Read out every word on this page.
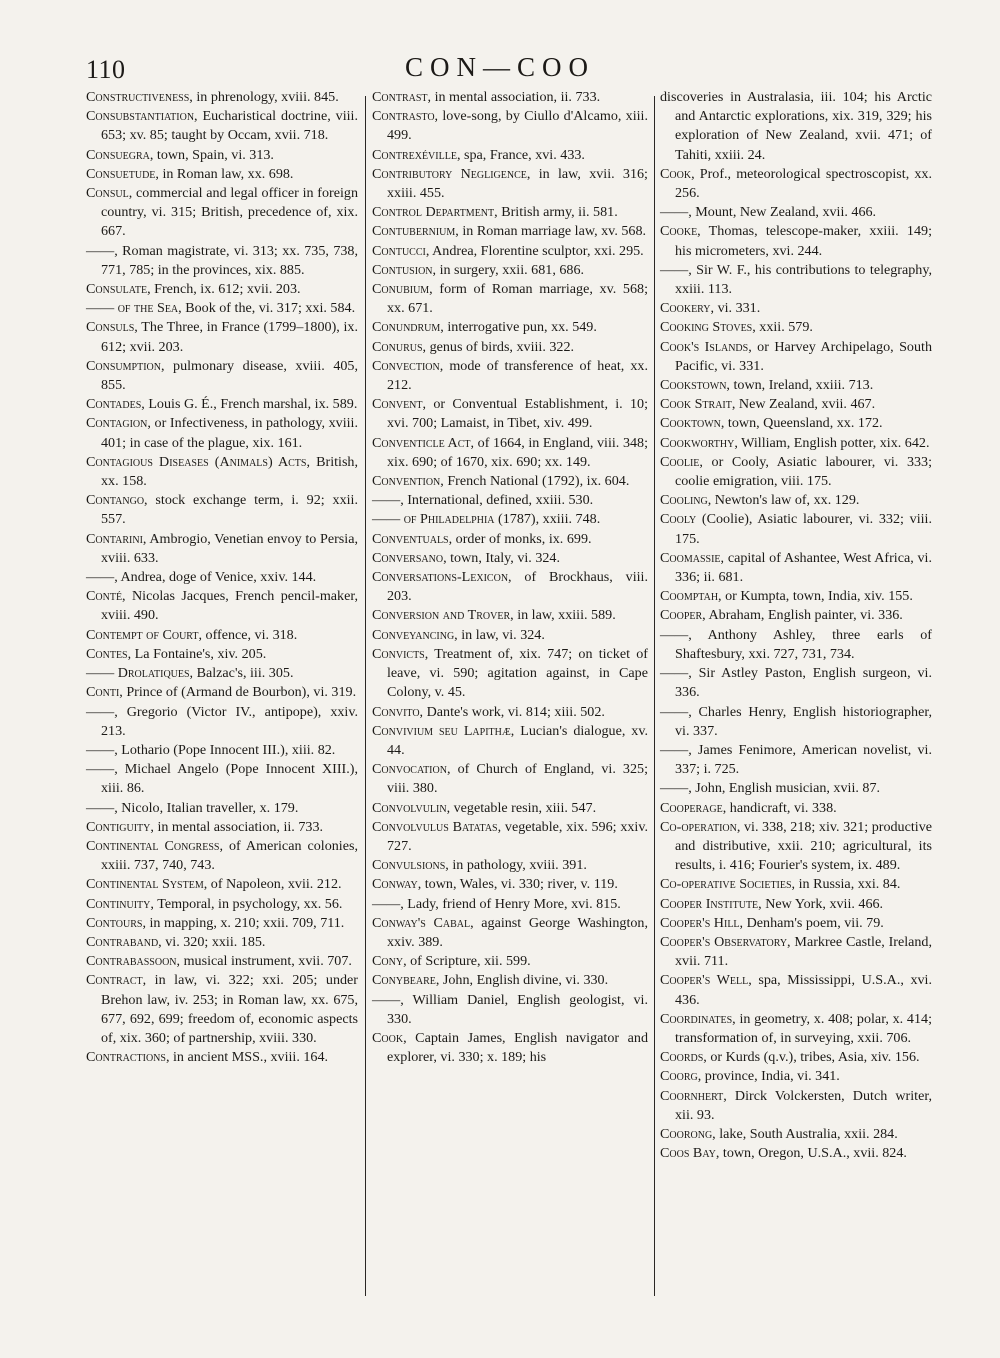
110	CON—COO
Constructiveness, in phrenology, xviii. 845.
Consubstantiation, Eucharistical doctrine, viii. 653; xv. 85; taught by Occam, xvii. 718.
Consuegra, town, Spain, vi. 313.
Consuetude, in Roman law, xx. 698.
Consul, commercial and legal officer in foreign country, vi. 315; British, precedence of, xix. 667.
——, Roman magistrate, vi. 313; xx. 735, 738, 771, 785; in the provinces, xix. 885.
Consulate, French, ix. 612; xvii. 203.
—— of the Sea, Book of the, vi. 317; xxi. 584.
Consuls, The Three, in France (1799–1800), ix. 612; xvii. 203.
Consumption, pulmonary disease, xviii. 405, 855.
Contades, Louis G. É., French marshal, ix. 589.
Contagion, or Infectiveness, in pathology, xviii. 401; in case of the plague, xix. 161.
Contagious Diseases (Animals) Acts, British, xx. 158.
Contango, stock exchange term, i. 92; xxii. 557.
Contarini, Ambrogio, Venetian envoy to Persia, xviii. 633.
——, Andrea, doge of Venice, xxiv. 144.
Conté, Nicolas Jacques, French pencil-maker, xviii. 490.
Contempt of Court, offence, vi. 318.
Contes, La Fontaine's, xiv. 205.
—— Drolatiques, Balzac's, iii. 305.
Conti, Prince of (Armand de Bourbon), vi. 319.
——, Gregorio (Victor IV., antipope), xxiv. 213.
——, Lothario (Pope Innocent III.), xiii. 82.
——, Michael Angelo (Pope Innocent XIII.), xiii. 86.
——, Nicolo, Italian traveller, x. 179.
Contiguity, in mental association, ii. 733.
Continental Congress, of American colonies, xxiii. 737, 740, 743.
Continental System, of Napoleon, xvii. 212.
Continuity, Temporal, in psychology, xx. 56.
Contours, in mapping, x. 210; xxii. 709, 711.
Contraband, vi. 320; xxii. 185.
Contrabassoon, musical instrument, xvii. 707.
Contract, in law, vi. 322; xxi. 205; under Brehon law, iv. 253; in Roman law, xx. 675, 677, 692, 699; freedom of, economic aspects of, xix. 360; of partnership, xviii. 330.
Contractions, in ancient MSS., xviii. 164.
Contrast, in mental association, ii. 733.
Contrasto, love-song, by Ciullo d'Alcamo, xiii. 499.
Contrexéville, spa, France, xvi. 433.
Contributory Negligence, in law, xvii. 316; xxiii. 455.
Control Department, British army, ii. 581.
Contubernium, in Roman marriage law, xv. 568.
Contucci, Andrea, Florentine sculptor, xxi. 295.
Contusion, in surgery, xxii. 681, 686.
Conubium, form of Roman marriage, xv. 568; xx. 671.
Conundrum, interrogative pun, xx. 549.
Conurus, genus of birds, xviii. 322.
Convection, mode of transference of heat, xx. 212.
Convent, or Conventual Establishment, i. 10; xvi. 700; Lamaist, in Tibet, xiv. 499.
Conventicle Act, of 1664, in England, viii. 348; xix. 690; of 1670, xix. 690; xx. 149.
Convention, French National (1792), ix. 604.
——, International, defined, xxiii. 530.
—— of Philadelphia (1787), xxiii. 748.
Conventuals, order of monks, ix. 699.
Conversano, town, Italy, vi. 324.
Conversations-Lexicon, of Brockhaus, viii. 203.
Conversion and Trover, in law, xxiii. 589.
Conveyancing, in law, vi. 324.
Convicts, Treatment of, xix. 747; on ticket of leave, vi. 590; agitation against, in Cape Colony, v. 45.
Convito, Dante's work, vi. 814; xiii. 502.
Convivium seu Lapithæ, Lucian's dialogue, xv. 44.
Convocation, of Church of England, vi. 325; viii. 380.
Convolvulin, vegetable resin, xiii. 547.
Convolvulus Batatas, vegetable, xix. 596; xxiv. 727.
Convulsions, in pathology, xviii. 391.
Conway, town, Wales, vi. 330; river, v. 119.
——, Lady, friend of Henry More, xvi. 815.
Conway's Cabal, against George Washington, xxiv. 389.
Cony, of Scripture, xii. 599.
Conybeare, John, English divine, vi. 330.
——, William Daniel, English geologist, vi. 330.
Cook, Captain James, English navigator and explorer, vi. 330; x. 189; his
discoveries in Australasia, iii. 104; his Arctic and Antarctic explorations, xix. 319, 329; his exploration of New Zealand, xvii. 471; of Tahiti, xxiii. 24.
Cook, Prof., meteorological spectroscopist, xx. 256.
——, Mount, New Zealand, xvii. 466.
Cooke, Thomas, telescope-maker, xxiii. 149; his micrometers, xvi. 244.
——, Sir W. F., his contributions to telegraphy, xxiii. 113.
Cookery, vi. 331.
Cooking Stoves, xxii. 579.
Cook's Islands, or Harvey Archipelago, South Pacific, vi. 331.
Cookstown, town, Ireland, xxiii. 713.
Cook Strait, New Zealand, xvii. 467.
Cooktown, town, Queensland, xx. 172.
Cookworthy, William, English potter, xix. 642.
Coolie, or Cooly, Asiatic labourer, vi. 333; coolie emigration, viii. 175.
Cooling, Newton's law of, xx. 129.
Cooly (Coolie), Asiatic labourer, vi. 332; viii. 175.
Coomassie, capital of Ashantee, West Africa, vi. 336; ii. 681.
Coomptah, or Kumpta, town, India, xiv. 155.
Cooper, Abraham, English painter, vi. 336.
——, Anthony Ashley, three earls of Shaftesbury, xxi. 727, 731, 734.
——, Sir Astley Paston, English surgeon, vi. 336.
——, Charles Henry, English historiographer, vi. 337.
——, James Fenimore, American novelist, vi. 337; i. 725.
——, John, English musician, xvii. 87.
Cooperage, handicraft, vi. 338.
Co-operation, vi. 338, 218; xiv. 321; productive and distributive, xxii. 210; agricultural, its results, i. 416; Fourier's system, ix. 489.
Co-operative Societies, in Russia, xxi. 84.
Cooper Institute, New York, xvii. 466.
Cooper's Hill, Denham's poem, vii. 79.
Cooper's Observatory, Markree Castle, Ireland, xvii. 711.
Cooper's Well, spa, Mississippi, U.S.A., xvi. 436.
Coordinates, in geometry, x. 408; polar, x. 414; transformation of, in surveying, xxii. 706.
Coords, or Kurds (q.v.), tribes, Asia, xiv. 156.
Coorg, province, India, vi. 341.
Coornhert, Dirck Volckersten, Dutch writer, xii. 93.
Coorong, lake, South Australia, xxii. 284.
Coos Bay, town, Oregon, U.S.A., xvii. 824.
